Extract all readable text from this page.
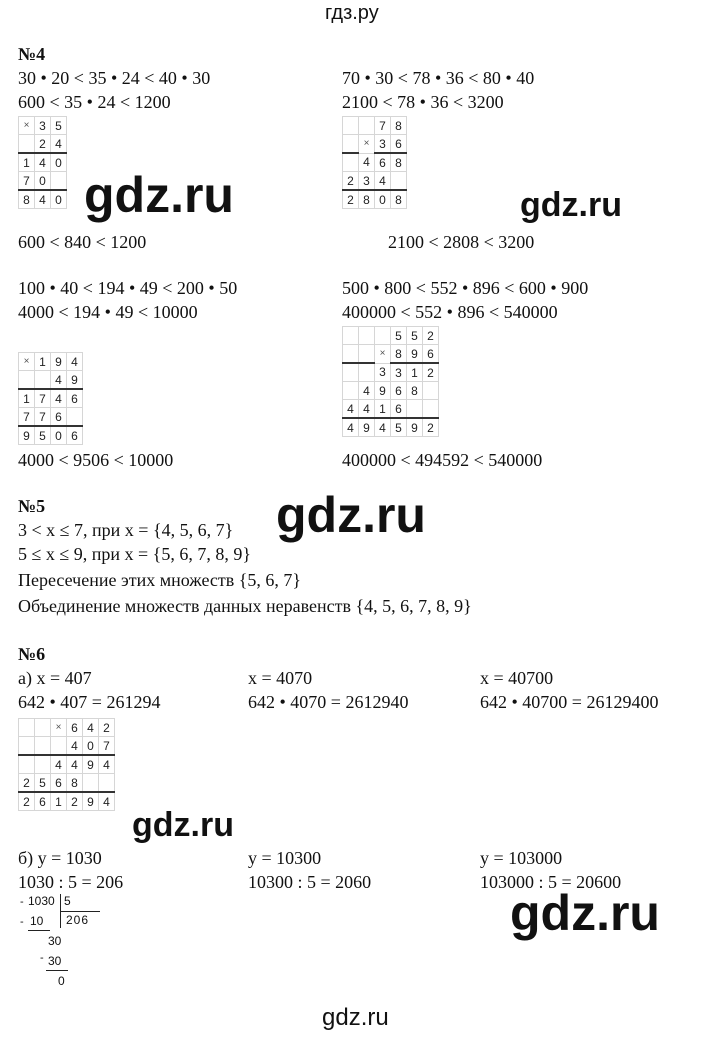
гдз.ру
№4
30 • 20 < 35 • 24 < 40 • 30
600 < 35 • 24 < 1200
70 • 30 < 78 • 36 < 80 • 40
2100 < 78 • 36 < 3200
×	3	5
	2	4
1	4	0
7	0	
8	4	0
		7	8
	×	3	6
	4	6	8
2	3	4	
2	8	0	8
gdz.ru	gdz.ru
600 < 840 < 1200	2100 < 2808 < 3200
100 • 40 < 194 • 49 < 200 • 50
4000 < 194 • 49 < 10000
500 • 800 < 552 • 896 < 600 • 900
400000 < 552 • 896 < 540000
×	1	9	4
		4	9
1	7	4	6
7	7	6	
9	5	0	6
			5	5	2
		×	8	9	6
		3	3	1	2
	4	9	6	8	
4	4	1	6		
4	9	4	5	9	2
4000 < 9506 < 10000	400000 < 494592 < 540000
№5	gdz.ru
3 < x ≤ 7, при x = {4, 5, 6, 7}
5 ≤ x ≤ 9, при x = {5, 6, 7, 8, 9}
Пересечение этих множеств {5, 6, 7}
Объединение множеств данных неравенств {4, 5, 6, 7, 8, 9}
№6
а) x = 407	x = 4070	x = 40700
642 • 407 = 261294	642 • 4070 = 2612940	642 • 40700 = 26129400
		×	6	4	2
			4	0	7
		4	4	9	4
2	5	6	8		
2	6	1	2	9	4
gdz.ru
б) y = 1030	y = 10300	y = 103000
1030 : 5 = 206	10300 : 5 = 2060	103000 : 5 = 20600
- 1030 5
206
- 10
30
- 30
0
gdz.ru
gdz.ru
